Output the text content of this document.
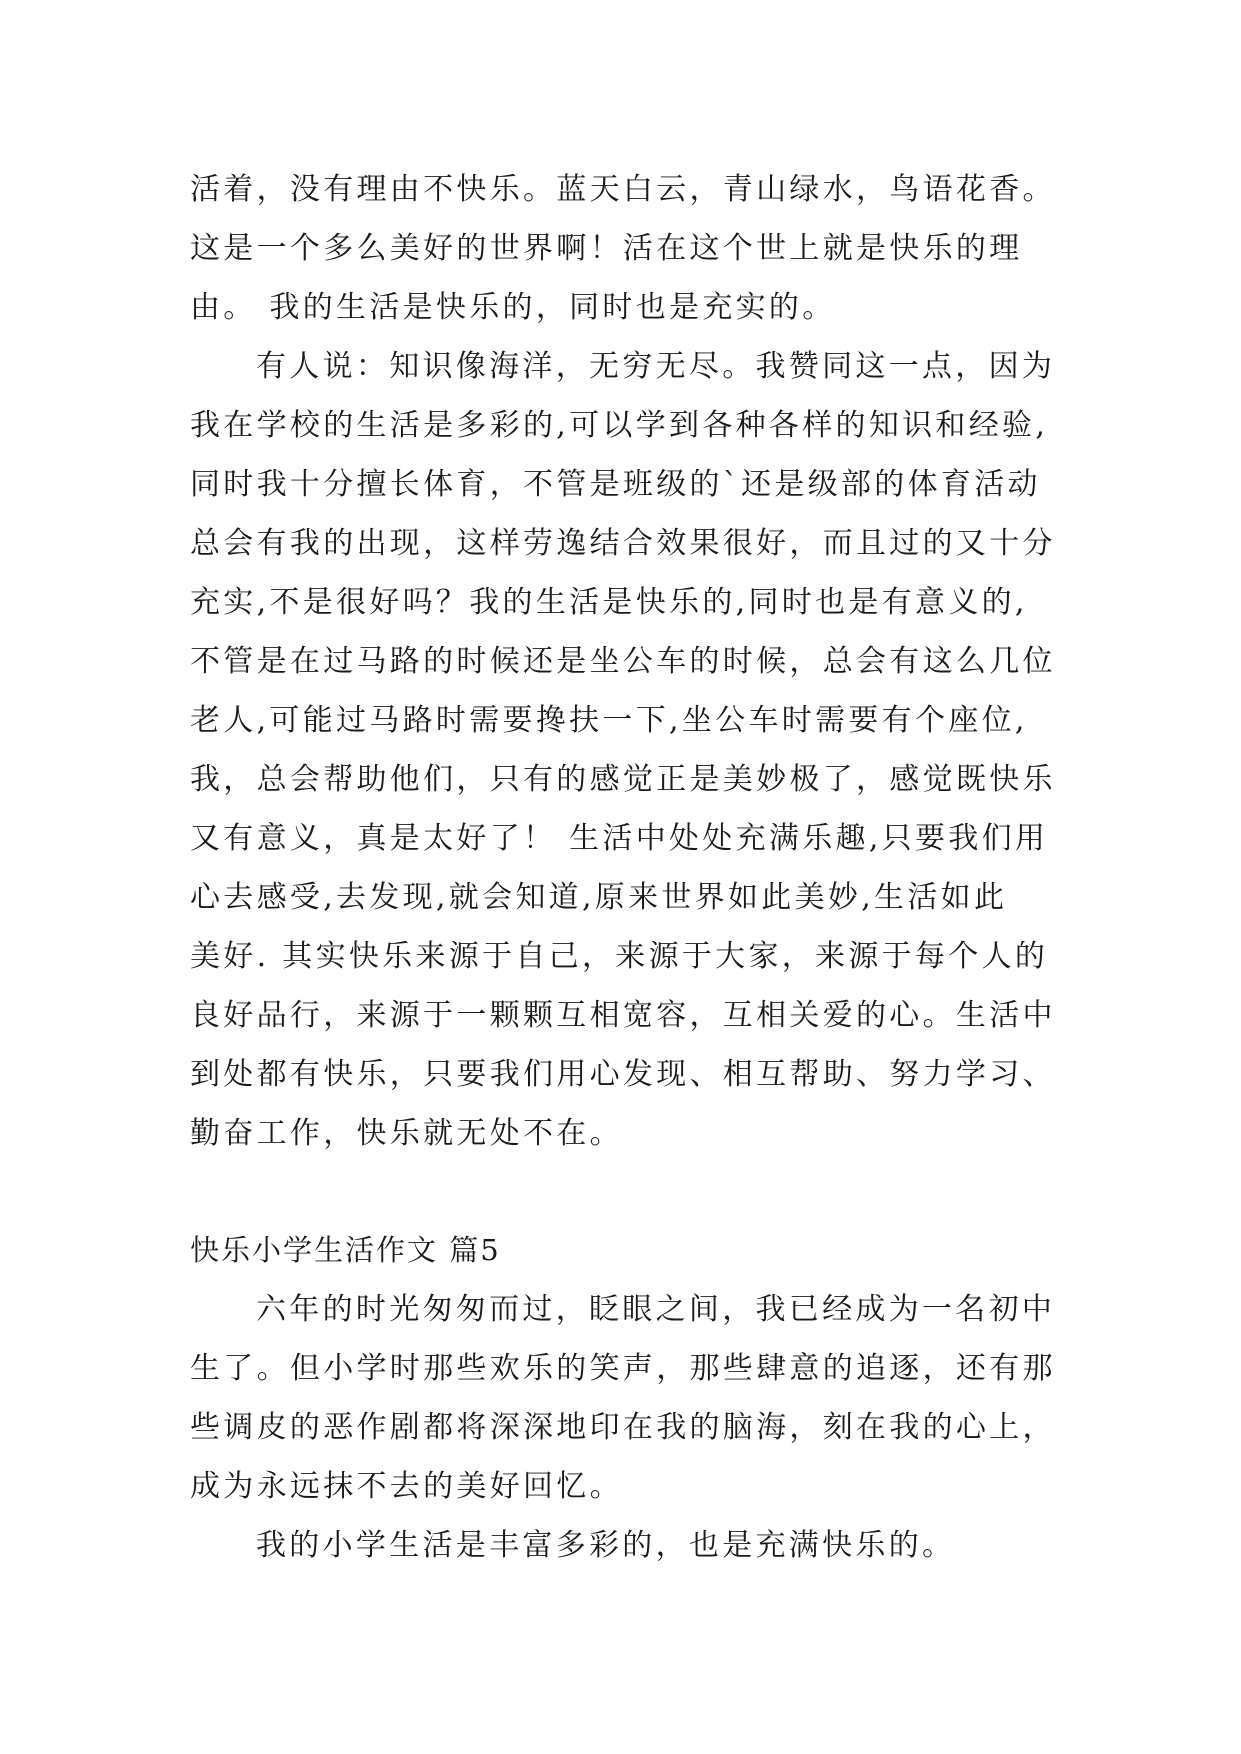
活着，没有理由不快乐。蓝天白云，青山绿水，鸟语花香。
这是一个多么美好的世界啊！活在这个世上就是快乐的理
由。 我的生活是快乐的，同时也是充实的。
有人说：知识像海洋，无穷无尽。我赞同这一点，因为
我在学校的生活是多彩的,可以学到各种各样的知识和经验,
同时我十分擅长体育，不管是班级的`还是级部的体育活动
总会有我的出现，这样劳逸结合效果很好，而且过的又十分
充实,不是很好吗？我的生活是快乐的,同时也是有意义的,
不管是在过马路的时候还是坐公车的时候，总会有这么几位
老人,可能过马路时需要搀扶一下,坐公车时需要有个座位,
我，总会帮助他们，只有的感觉正是美妙极了，感觉既快乐
又有意义，真是太好了！ 生活中处处充满乐趣,只要我们用
心去感受,去发现,就会知道,原来世界如此美妙,生活如此
美好. 其实快乐来源于自己，来源于大家，来源于每个人的
良好品行，来源于一颗颗互相宽容，互相关爱的心。生活中
到处都有快乐，只要我们用心发现、相互帮助、努力学习、
勤奋工作，快乐就无处不在。
快乐小学生活作文 篇5
六年的时光匆匆而过，眨眼之间，我已经成为一名初中
生了。但小学时那些欢乐的笑声，那些肆意的追逐，还有那
些调皮的恶作剧都将深深地印在我的脑海，刻在我的心上，
成为永远抹不去的美好回忆。
我的小学生活是丰富多彩的，也是充满快乐的。
